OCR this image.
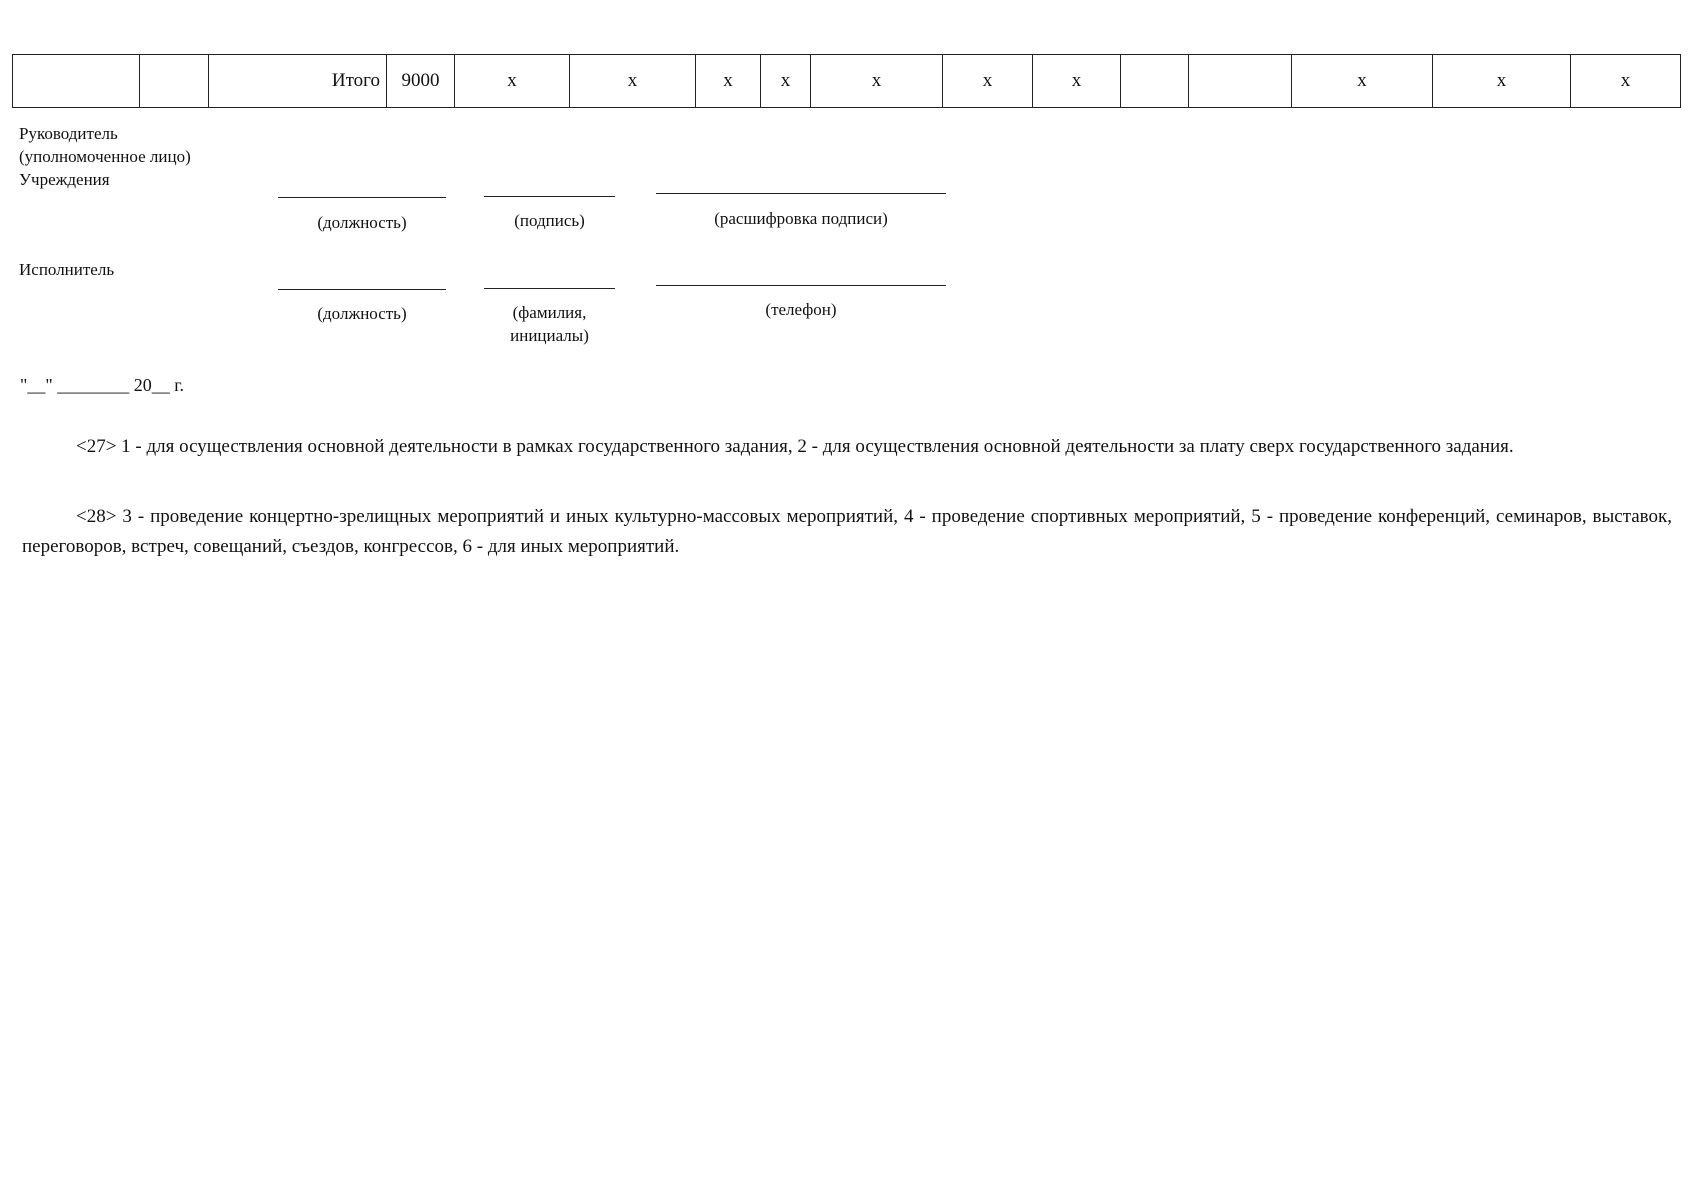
		Итого	9000	x	x	x	x	x	x	x			x	x	x
Руководитель
(уполномоченное лицо)
Учреждения
(должность)	(подпись)	(расшифровка подписи)
Исполнитель
(должность)	(фамилия,
инициалы)
(телефон)
"__" ________ 20__ г.
<27> 1 - для осуществления основной деятельности в рамках государственного задания, 2 - для осуществления основной деятельности за плату сверх государственного задания.
<28> 3 - проведение концертно-зрелищных мероприятий и иных культурно-массовых мероприятий, 4 - проведение спортивных мероприятий, 5 - проведение конференций, семинаров, выставок, переговоров, встреч, совещаний, съездов, конгрессов, 6 - для иных мероприятий.
